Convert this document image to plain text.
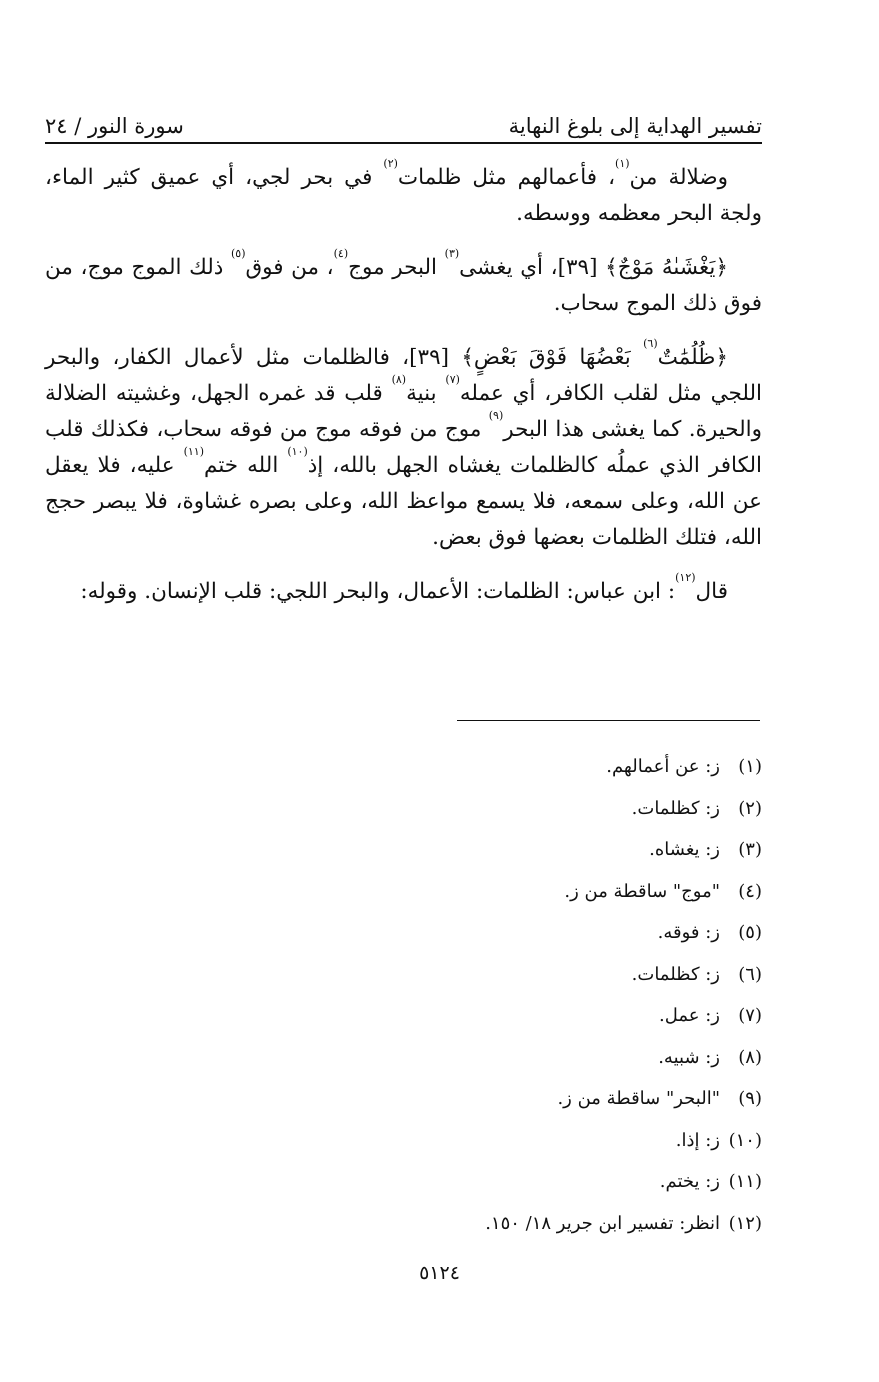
تفسير الهداية إلى بلوغ النهاية
سورة النور / ٢٤

وضلالة من$^{(١)}$، فأعمالهم مثل ظلمات$^{(٢)}$ في بحر لجي، أي عميق كثير الماء، ولجة البحر معظمه ووسطه.

﴿يَغْشَىٰهُ مَوْجٌ﴾ [٣٩]، أي يغشى$^{(٣)}$ البحر موج$^{(٤)}$، من فوق$^{(٥)}$ ذلك الموج موج، من فوق ذلك الموج سحاب.

﴿ظُلُمَٰتٌ$^{(٦)}$ بَعْضُهَا فَوْقَ بَعْضٍ﴾ [٣٩]، فالظلمات مثل لأعمال الكفار، والبحر اللجي مثل لقلب الكافر، أي عمله$^{(٧)}$ بنية$^{(٨)}$ قلب قد غمره الجهل، وغشيته الضلالة والحيرة. كما يغشى هذا البحر$^{(٩)}$ موج من فوقه موج من فوقه سحاب، فكذلك قلب الكافر الذي عملُه كالظلمات يغشاه الجهل بالله، إذ$^{(١٠)}$ الله ختم$^{(١١)}$ عليه، فلا يعقل عن الله، وعلى سمعه، فلا يسمع مواعظ الله، وعلى بصره غشاوة، فلا يبصر حجج الله، فتلك الظلمات بعضها فوق بعض.

قال$^{(١٢)}$: ابن عباس: الظلمات: الأعمال، والبحر اللجي: قلب الإنسان. وقوله:

(١)
ز: عن أعمالهم.
(٢)
ز: كظلمات.
(٣)
ز: يغشاه.
(٤)
"موج" ساقطة من ز.
(٥)
ز: فوقه.
(٦)
ز: كظلمات.
(٧)
ز: عمل.
(٨)
ز: شبيه.
(٩)
"البحر" ساقطة من ز.
(١٠)
ز: إذا.
(١١)
ز: يختم.
(١٢)
انظر: تفسير ابن جرير ١٨/ ١٥٠.
٥١٢٤
